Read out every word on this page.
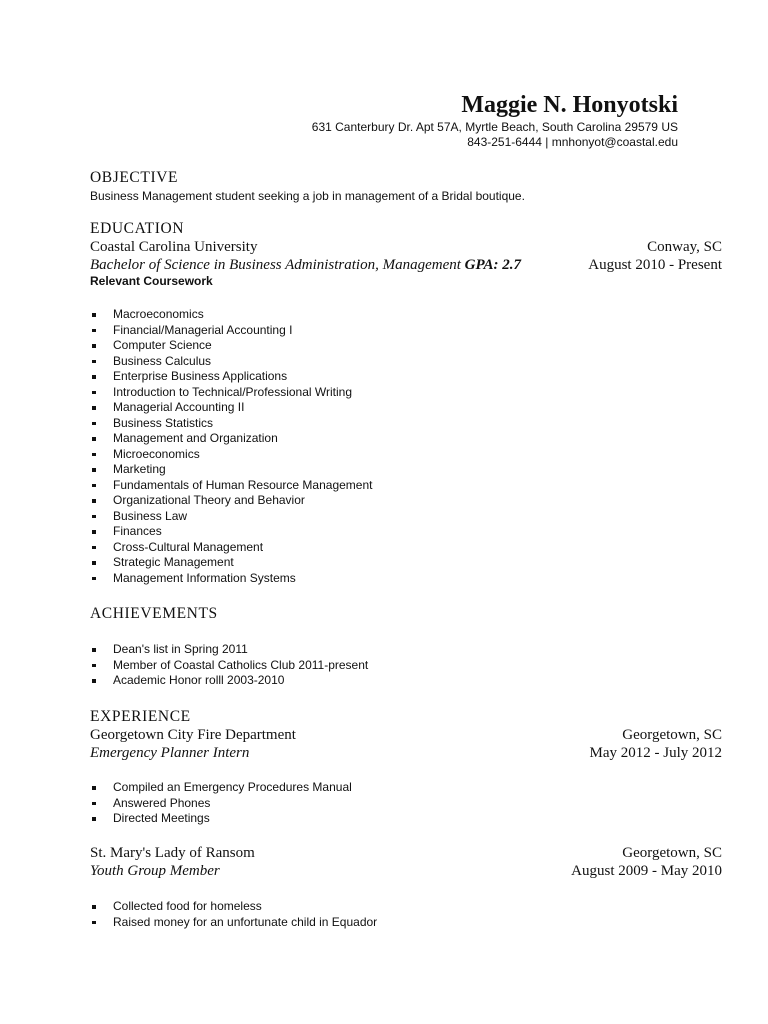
Maggie N. Honyotski
631 Canterbury Dr. Apt 57A, Myrtle Beach, South Carolina 29579 US
843-251-6444 | mnhonyot@coastal.edu
OBJECTIVE
Business Management student seeking a job in management of a Bridal boutique.
EDUCATION
Coastal Carolina University	Conway, SC
Bachelor of Science in Business Administration, Management GPA: 2.7	August 2010 - Present
Relevant Coursework
Macroeconomics
Financial/Managerial Accounting I
Computer Science
Business Calculus
Enterprise Business Applications
Introduction to Technical/Professional Writing
Managerial Accounting II
Business Statistics
Management and Organization
Microeconomics
Marketing
Fundamentals of Human Resource Management
Organizational Theory and Behavior
Business Law
Finances
Cross-Cultural Management
Strategic Management
Management Information Systems
ACHIEVEMENTS
Dean's list in Spring 2011
Member of Coastal Catholics Club 2011-present
Academic Honor rolll 2003-2010
EXPERIENCE
Georgetown City Fire Department	Georgetown, SC
Emergency Planner Intern	May 2012 - July 2012
Compiled an Emergency Procedures Manual
Answered Phones
Directed Meetings
St. Mary's Lady of Ransom	Georgetown, SC
Youth Group Member	August 2009 - May 2010
Collected food for homeless
Raised money for an unfortunate child in Equador
